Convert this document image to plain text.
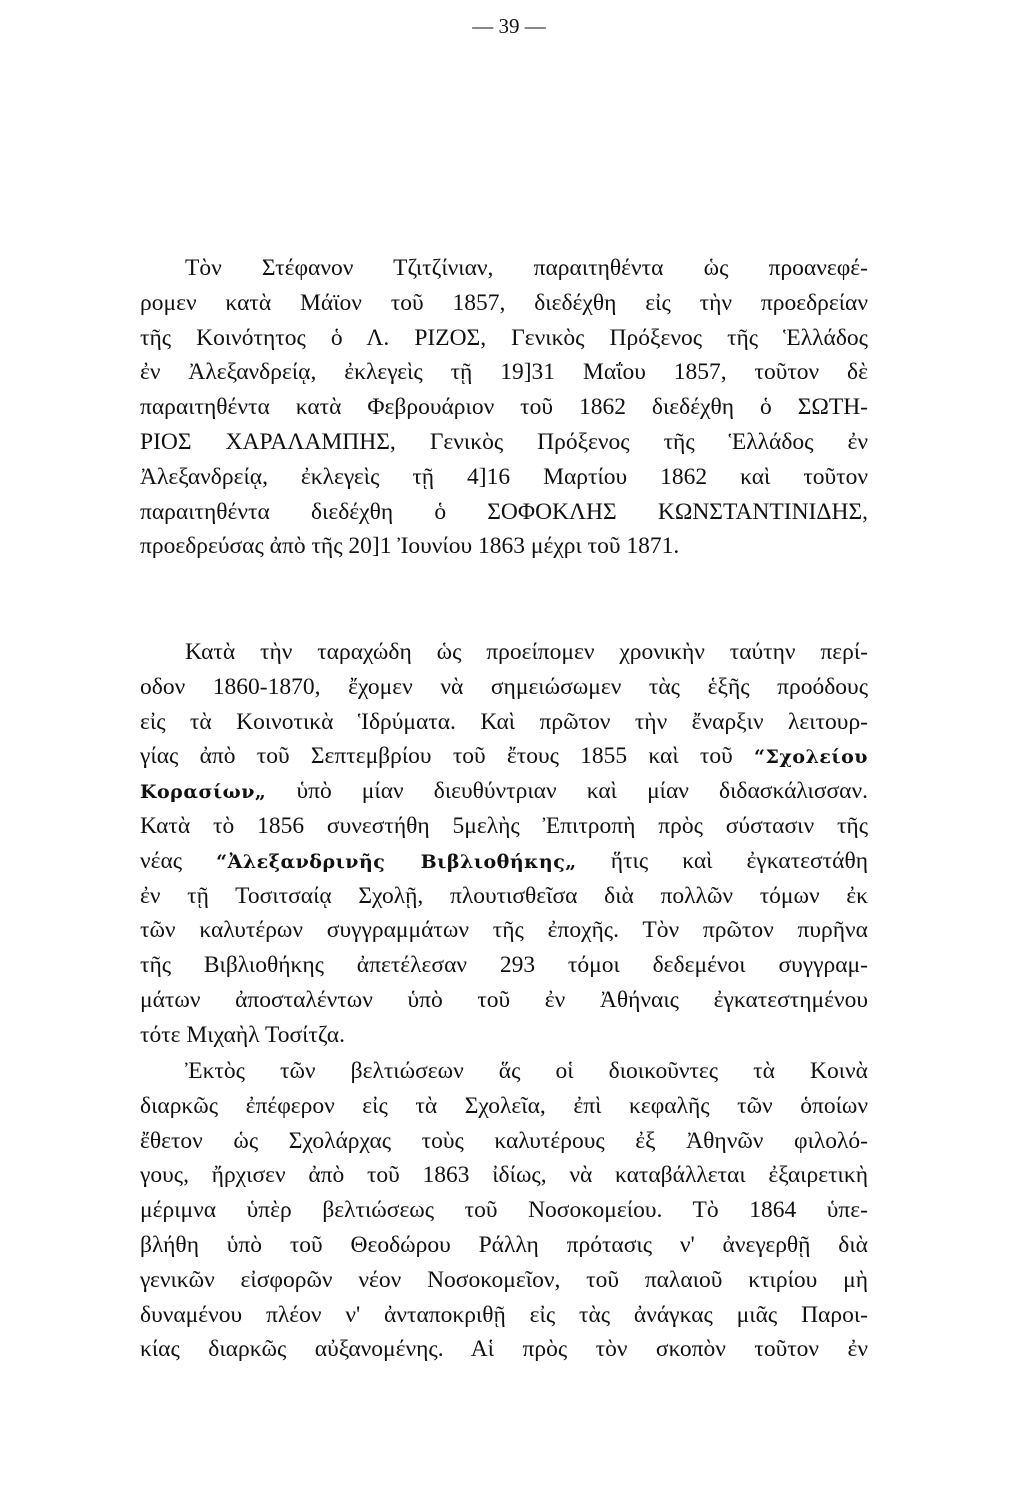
— 39 —
Τὸν Στέφανον Τζιτζίνιαν, παραιτηθέντα ὡς προανεφέ-
ρομεν κατὰ Μάϊον τοῦ 1857, διεδέχθη εἰς τὴν προεδρείαν
τῆς Κοινότητος ὁ Λ. ΡΙΖΟΣ, Γενικὸς Πρόξενος τῆς Ἑλλάδος
ἐν Ἀλεξανδρείᾳ, ἐκλεγεὶς τῇ 19]31 Μαΐου 1857, τοῦτον δὲ
παραιτηθέντα κατὰ Φεβρουάριον τοῦ 1862 διεδέχθη ὁ ΣΩΤΗ-
ΡΙΟΣ ΧΑΡΑΛΑΜΠΗΣ, Γενικὸς Πρόξενος τῆς Ἑλλάδος ἐν
Ἀλεξανδρείᾳ, ἐκλεγεὶς τῇ 4]16 Μαρτίου 1862 καὶ τοῦτον
παραιτηθέντα διεδέχθη ὁ ΣΟΦΟΚΛΗΣ ΚΩΝΣΤΑΝΤΙΝΙΔΗΣ,
προεδρεύσας ἀπὸ τῆς 20]1 Ἰουνίου 1863 μέχρι τοῦ 1871.
Κατὰ τὴν ταραχώδη ὡς προείπομεν χρονικὴν ταύτην περί-
οδον 1860-1870, ἔχομεν νὰ σημειώσωμεν τὰς ἑξῆς προόδους
εἰς τὰ Κοινοτικὰ Ἱδρύματα. Καὶ πρῶτον τὴν ἔναρξιν λειτουρ-
γίας ἀπὸ τοῦ Σεπτεμβρίου τοῦ ἔτους 1855 καὶ τοῦ “Σχολείου
Κορασίων„ ὑπὸ μίαν διευθύντριαν καὶ μίαν διδασκάλισσαν.
Κατὰ τὸ 1856 συνεστήθη 5μελὴς Ἐπιτροπὴ πρὸς σύστασιν τῆς
νέας “Ἀλεξανδρινῆς Βιβλιοθήκης„ ἥτις καὶ ἐγκατεστάθη
ἐν τῇ Τοσιτσαίᾳ Σχολῇ, πλουτισθεῖσα διὰ πολλῶν τόμων ἐκ
τῶν καλυτέρων συγγραμμάτων τῆς ἐποχῆς. Τὸν πρῶτον πυρῆνα
τῆς Βιβλιοθήκης ἀπετέλεσαν 293 τόμοι δεδεμένοι συγγραμ-
μάτων ἀποσταλέντων ὑπὸ τοῦ ἐν Ἀθήναις ἐγκατεστημένου
τότε Μιχαὴλ Τοσίτζα.
Ἐκτὸς τῶν βελτιώσεων ἅς οἱ διοικοῦντες τὰ Κοινὰ
διαρκῶς ἐπέφερον εἰς τὰ Σχολεῖα, ἐπὶ κεφαλῆς τῶν ὁποίων
ἔθετον ὡς Σχολάρχας τοὺς καλυτέρους ἐξ Ἀθηνῶν φιλολό-
γους, ἤρχισεν ἀπὸ τοῦ 1863 ἰδίως, νὰ καταβάλλεται ἐξαιρετικὴ
μέριμνα ὑπὲρ βελτιώσεως τοῦ Νοσοκομείου. Τὸ 1864 ὑπε-
βλήθη ὑπὸ τοῦ Θεοδώρου Ράλλη πρότασις ν' ἀνεγερθῇ διὰ
γενικῶν εἰσφορῶν νέον Νοσοκομεῖον, τοῦ παλαιοῦ κτιρίου μὴ
δυναμένου πλέον ν' ἀνταποκριθῇ εἰς τὰς ἀνάγκας μιᾶς Παροι-
κίας διαρκῶς αὐξανομένης. Αἱ πρὸς τὸν σκοπὸν τοῦτον ἐν
